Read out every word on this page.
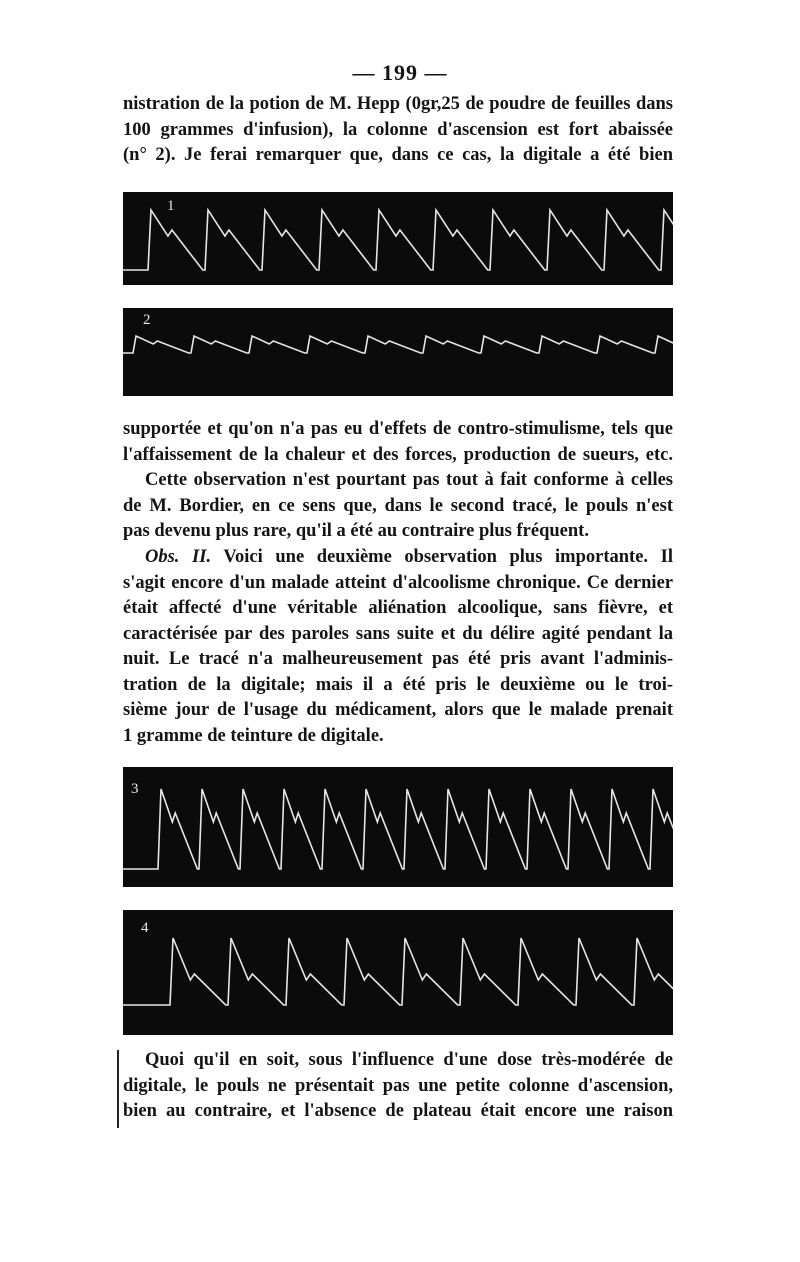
— 199 —
nistration de la potion de M. Hepp (0gr,25 de poudre de feuilles dans
100 grammes d'infusion), la colonne d'ascension est fort abaissée
(n° 2). Je ferai remarquer que, dans ce cas, la digitale a été bien
1
2
supportée et qu'on n'a pas eu d'effets de contro-stimulisme, tels que
l'affaissement de la chaleur et des forces, production de sueurs, etc.
Cette observation n'est pourtant pas tout à fait conforme à celles
de M. Bordier, en ce sens que, dans le second tracé, le pouls n'est
pas devenu plus rare, qu'il a été au contraire plus fréquent.
Obs. II. Voici une deuxième observation plus importante. Il
s'agit encore d'un malade atteint d'alcoolisme chronique. Ce dernier
était affecté d'une véritable aliénation alcoolique, sans fièvre, et
caractérisée par des paroles sans suite et du délire agité pendant la
nuit. Le tracé n'a malheureusement pas été pris avant l'adminis-
tration de la digitale; mais il a été pris le deuxième ou le troi-
sième jour de l'usage du médicament, alors que le malade prenait
1 gramme de teinture de digitale.
3
4
Quoi qu'il en soit, sous l'influence d'une dose très-modérée de
digitale, le pouls ne présentait pas une petite colonne d'ascension,
bien au contraire, et l'absence de plateau était encore une raison
